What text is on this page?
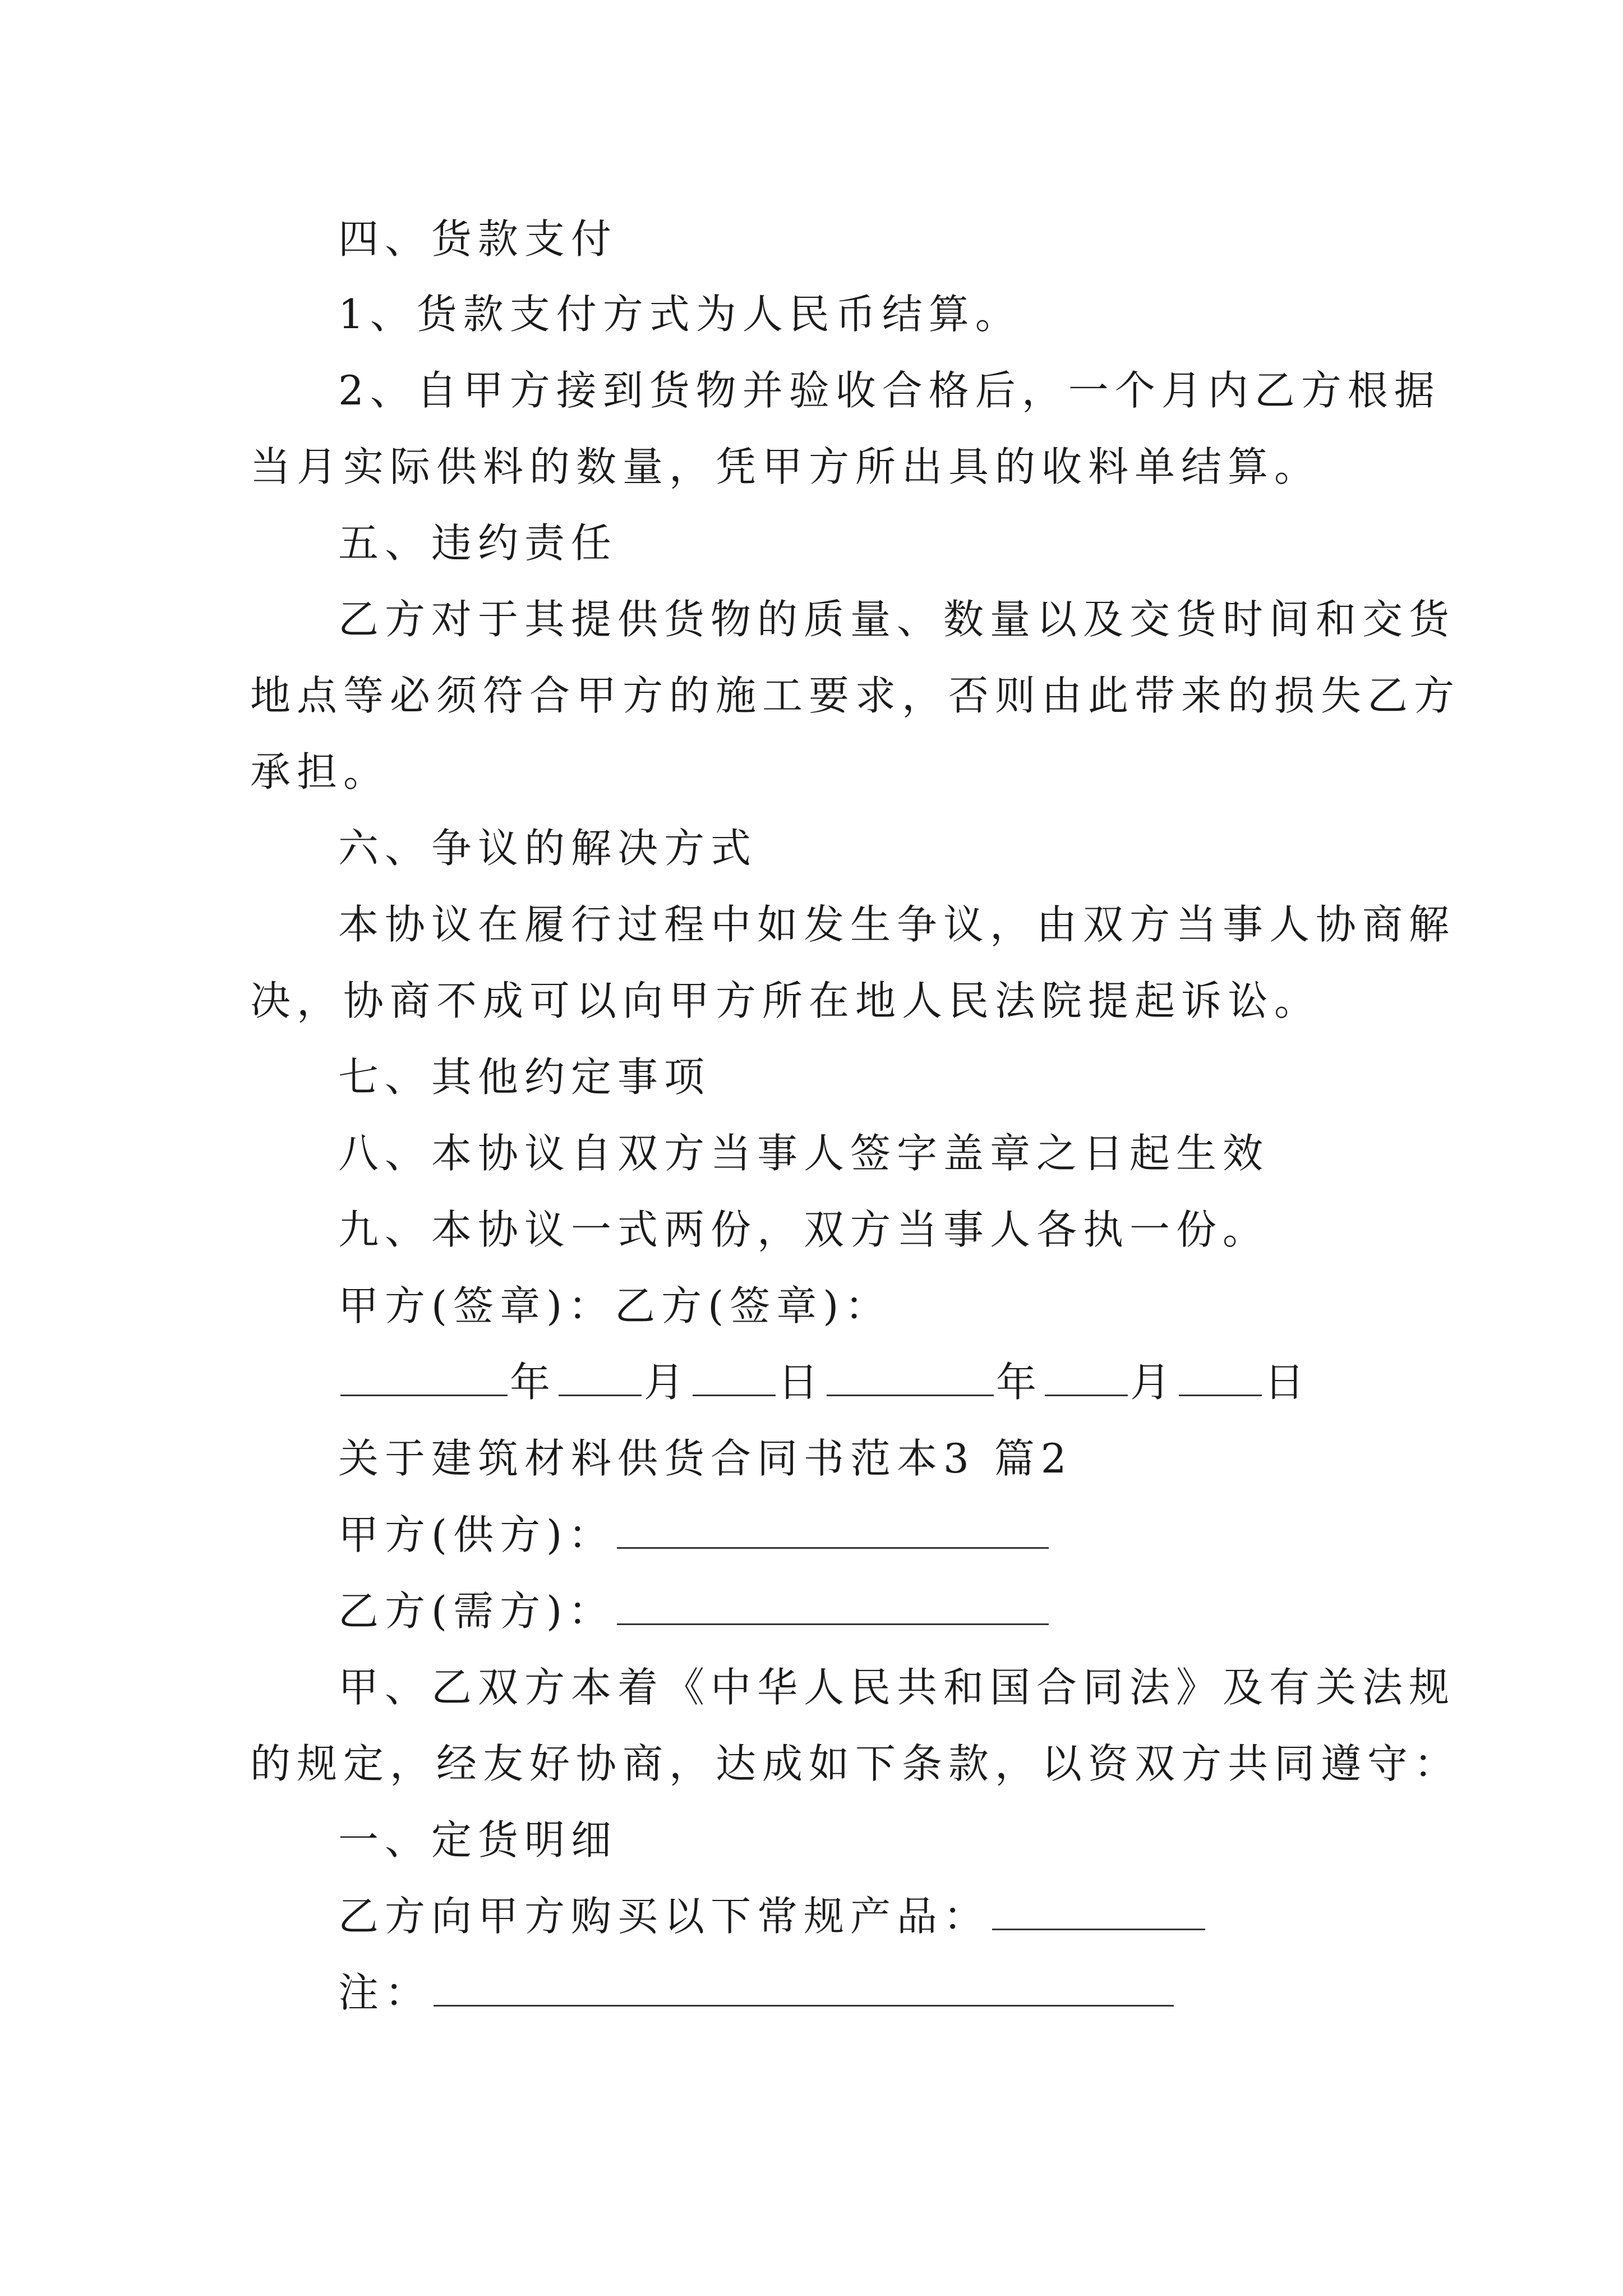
四、货款支付
1、货款支付方式为人民币结算。
2、自甲方接到货物并验收合格后，一个月内乙方根据
当月实际供料的数量，凭甲方所出具的收料单结算。
五、违约责任
乙方对于其提供货物的质量、数量以及交货时间和交货
地点等必须符合甲方的施工要求，否则由此带来的损失乙方
承担。
六、争议的解决方式
本协议在履行过程中如发生争议，由双方当事人协商解
决，协商不成可以向甲方所在地人民法院提起诉讼。
七、其他约定事项
八、本协议自双方当事人签字盖章之日起生效
九、本协议一式两份，双方当事人各执一份。
甲方(签章)：乙方(签章)：
年 月 日	年 月 日
关于建筑材料供货合同书范本3 篇2
甲方(供方)：
乙方(需方)：
甲、乙双方本着《中华人民共和国合同法》及有关法规
的规定，经友好协商，达成如下条款，以资双方共同遵守：
一、定货明细
乙方向甲方购买以下常规产品：
注：
